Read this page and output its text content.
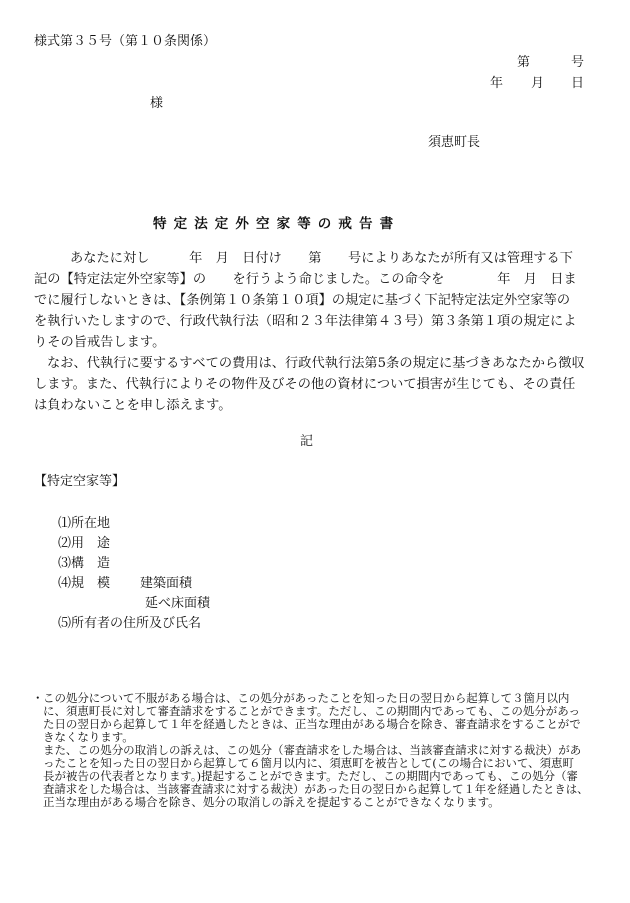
様式第３５号（第１０条関係）
第	号
年 月 日
様
須恵町長
特定法定外空家等の戒告書
あなたに対し　　　年　月　日付け　　第　　号によりあなたが所有又は管理する下
記の【特定法定外空家等】の　　を行うよう命じました。この命令を　　　　年　月　日ま
でに履行しないときは、【条例第１０条第１０項】の規定に基づく下記特定法定外空家等の
を執行いたしますので、行政代執行法（昭和２３年法律第４３号）第３条第１項の規定によ
りその旨戒告します。
なお、代執行に要するすべての費用は、行政代執行法第5条の規定に基づきあなたから徴収
します。また、代執行によりその物件及びその他の資材について損害が生じても、その責任
は負わないことを申し添えます。
記
【特定空家等】
⑴所在地
⑵用　途
⑶構　造
⑷規　模 建築面積
延べ床面積
⑸所有者の住所及び氏名
・ この処分について不服がある場合は、この処分があったことを知った日の翌日から起算して３箇月以内
に、須恵町長に対して審査請求をすることができます。ただし、この期間内であっても、この処分があっ
た日の翌日から起算して１年を経過したときは、正当な理由がある場合を除き、審査請求をすることがで
きなくなります。
また、この処分の取消しの訴えは、この処分（審査請求をした場合は、当該審査請求に対する裁決）があ
ったことを知った日の翌日から起算して６箇月以内に、須恵町を被告として(この場合において、須恵町
長が被告の代表者となります。)提起することができます。ただし、この期間内であっても、この処分（審
査請求をした場合は、当該審査請求に対する裁決）があった日の翌日から起算して１年を経過したときは、
正当な理由がある場合を除き、処分の取消しの訴えを提起することができなくなります。
